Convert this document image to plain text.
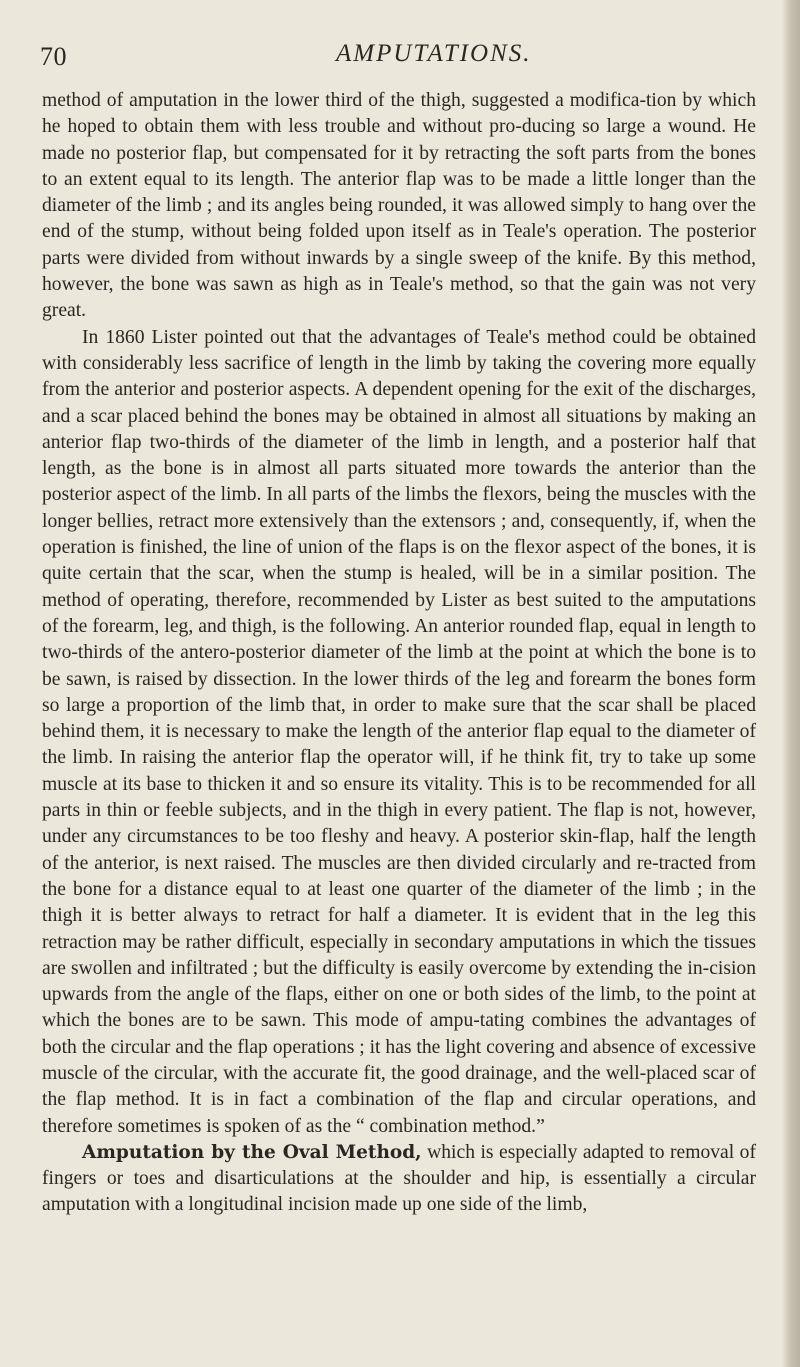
70	AMPUTATIONS.

method of amputation in the lower third of the thigh, suggested a modifica-tion by which he hoped to obtain them with less trouble and without pro-ducing so large a wound. He made no posterior flap, but compensated for it by retracting the soft parts from the bones to an extent equal to its length. The anterior flap was to be made a little longer than the diameter of the limb ; and its angles being rounded, it was allowed simply to hang over the end of the stump, without being folded upon itself as in Teale's operation. The posterior parts were divided from without inwards by a single sweep of the knife. By this method, however, the bone was sawn as high as in Teale's method, so that the gain was not very great.

In 1860 Lister pointed out that the advantages of Teale's method could be obtained with considerably less sacrifice of length in the limb by taking the covering more equally from the anterior and posterior aspects. A dependent opening for the exit of the discharges, and a scar placed behind the bones may be obtained in almost all situations by making an anterior flap two-thirds of the diameter of the limb in length, and a posterior half that length, as the bone is in almost all parts situated more towards the anterior than the posterior aspect of the limb. In all parts of the limbs the flexors, being the muscles with the longer bellies, retract more extensively than the extensors ; and, consequently, if, when the operation is finished, the line of union of the flaps is on the flexor aspect of the bones, it is quite certain that the scar, when the stump is healed, will be in a similar position. The method of operating, therefore, recommended by Lister as best suited to the amputations of the forearm, leg, and thigh, is the following. An anterior rounded flap, equal in length to two-thirds of the antero-posterior diameter of the limb at the point at which the bone is to be sawn, is raised by dissection. In the lower thirds of the leg and forearm the bones form so large a proportion of the limb that, in order to make sure that the scar shall be placed behind them, it is necessary to make the length of the anterior flap equal to the diameter of the limb. In raising the anterior flap the operator will, if he think fit, try to take up some muscle at its base to thicken it and so ensure its vitality. This is to be recommended for all parts in thin or feeble subjects, and in the thigh in every patient. The flap is not, however, under any circumstances to be too fleshy and heavy. A posterior skin-flap, half the length of the anterior, is next raised. The muscles are then divided circularly and re-tracted from the bone for a distance equal to at least one quarter of the diameter of the limb ; in the thigh it is better always to retract for half a diameter. It is evident that in the leg this retraction may be rather difficult, especially in secondary amputations in which the tissues are swollen and infiltrated ; but the difficulty is easily overcome by extending the in-cision upwards from the angle of the flaps, either on one or both sides of the limb, to the point at which the bones are to be sawn. This mode of ampu-tating combines the advantages of both the circular and the flap operations ; it has the light covering and absence of excessive muscle of the circular, with the accurate fit, the good drainage, and the well-placed scar of the flap method. It is in fact a combination of the flap and circular operations, and therefore sometimes is spoken of as the “ combination method.”

Amputation by the Oval Method, which is especially adapted to removal of fingers or toes and disarticulations at the shoulder and hip, is essentially a circular amputation with a longitudinal incision made up one side of the limb,
